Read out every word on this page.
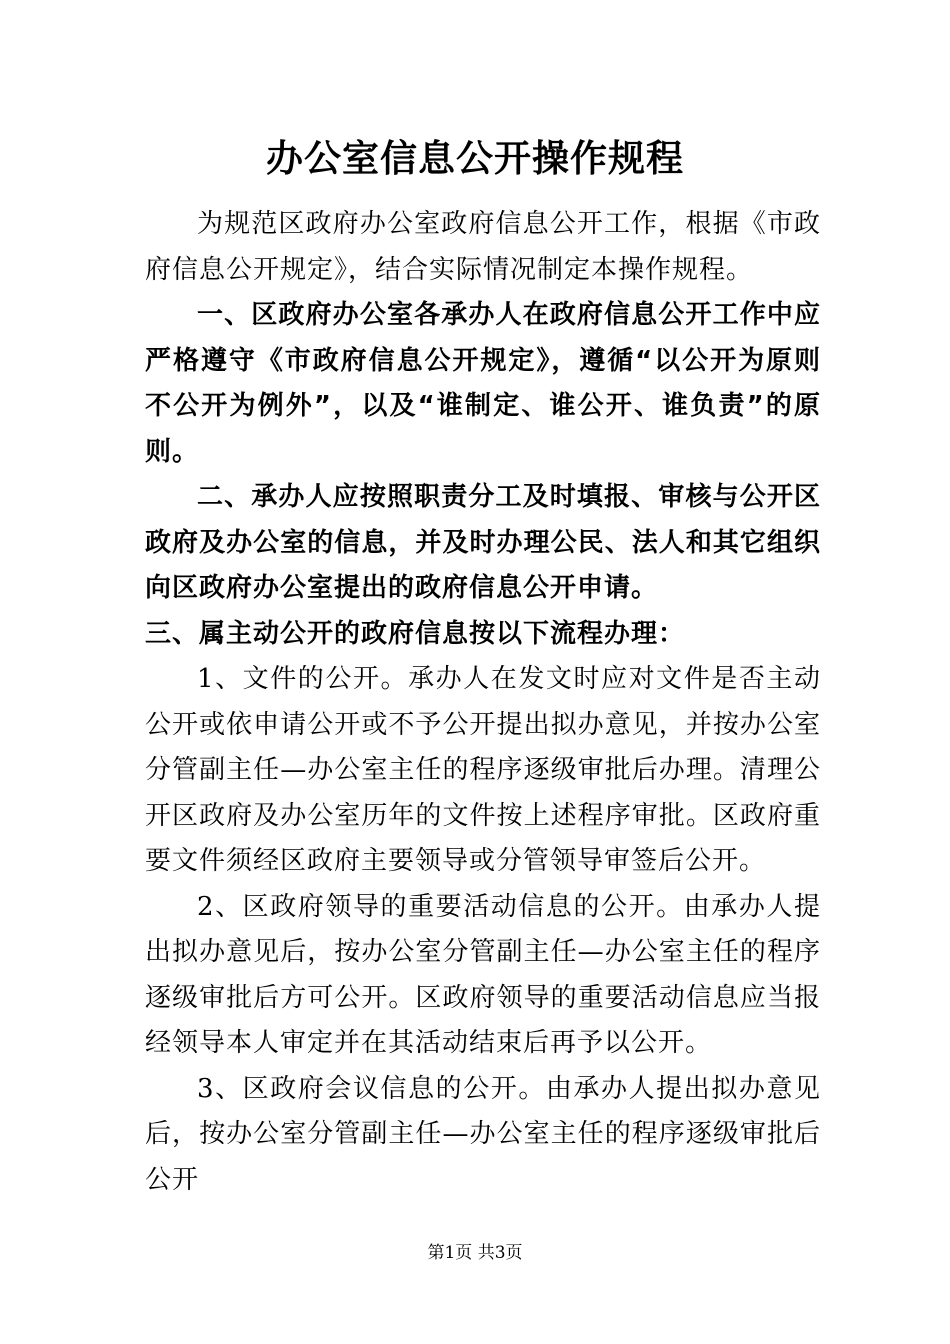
办公室信息公开操作规程

为规范区政府办公室政府信息公开工作，根据《市政府信息公开规定》，结合实际情况制定本操作规程。

一、区政府办公室各承办人在政府信息公开工作中应严格遵守《市政府信息公开规定》，遵循“以公开为原则不公开为例外”，以及“谁制定、谁公开、谁负责”的原则。

二、承办人应按照职责分工及时填报、审核与公开区政府及办公室的信息，并及时办理公民、法人和其它组织向区政府办公室提出的政府信息公开申请。

三、属主动公开的政府信息按以下流程办理：

1、文件的公开。承办人在发文时应对文件是否主动公开或依申请公开或不予公开提出拟办意见，并按办公室分管副主任—办公室主任的程序逐级审批后办理。清理公开区政府及办公室历年的文件按上述程序审批。区政府重要文件须经区政府主要领导或分管领导审签后公开。

2、区政府领导的重要活动信息的公开。由承办人提出拟办意见后，按办公室分管副主任—办公室主任的程序逐级审批后方可公开。区政府领导的重要活动信息应当报经领导本人审定并在其活动结束后再予以公开。

3、区政府会议信息的公开。由承办人提出拟办意见后，按办公室分管副主任—办公室主任的程序逐级审批后公开

第1页 共3页
